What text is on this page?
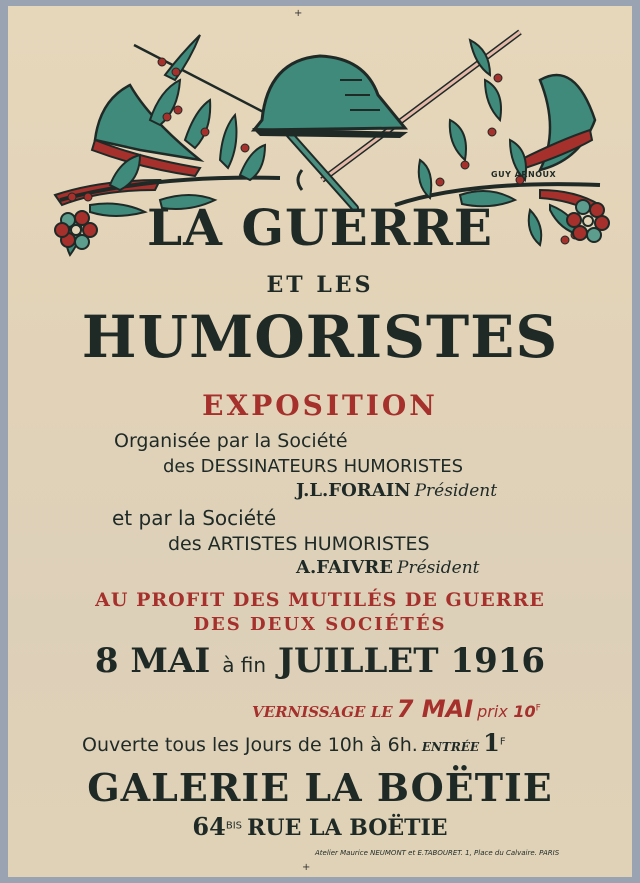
+
+
GUY ARNOUX
LA GUERRE
ET LES
HUMORISTES
EXPOSITION
Organisée par la Société
des DESSINATEURS HUMORISTES
J.L.FORAIN Président
et par la Société
des ARTISTES HUMORISTES
A.FAIVRE Président
AU PROFIT DES MUTILÉS DE GUERRE
DES DEUX SOCIÉTÉS
8 MAI à fin JUILLET 1916
VERNISSAGE LE 7 MAI prix $10^F$
Ouverte tous les Jours de 10h à 6h. ENTRÉE $1^F$
GALERIE LA BOËTIE
$64^{BIS}$ RUE LA BOËTIE
Atelier Maurice NEUMONT et E.TABOURET. 1, Place du Calvaire. PARIS
